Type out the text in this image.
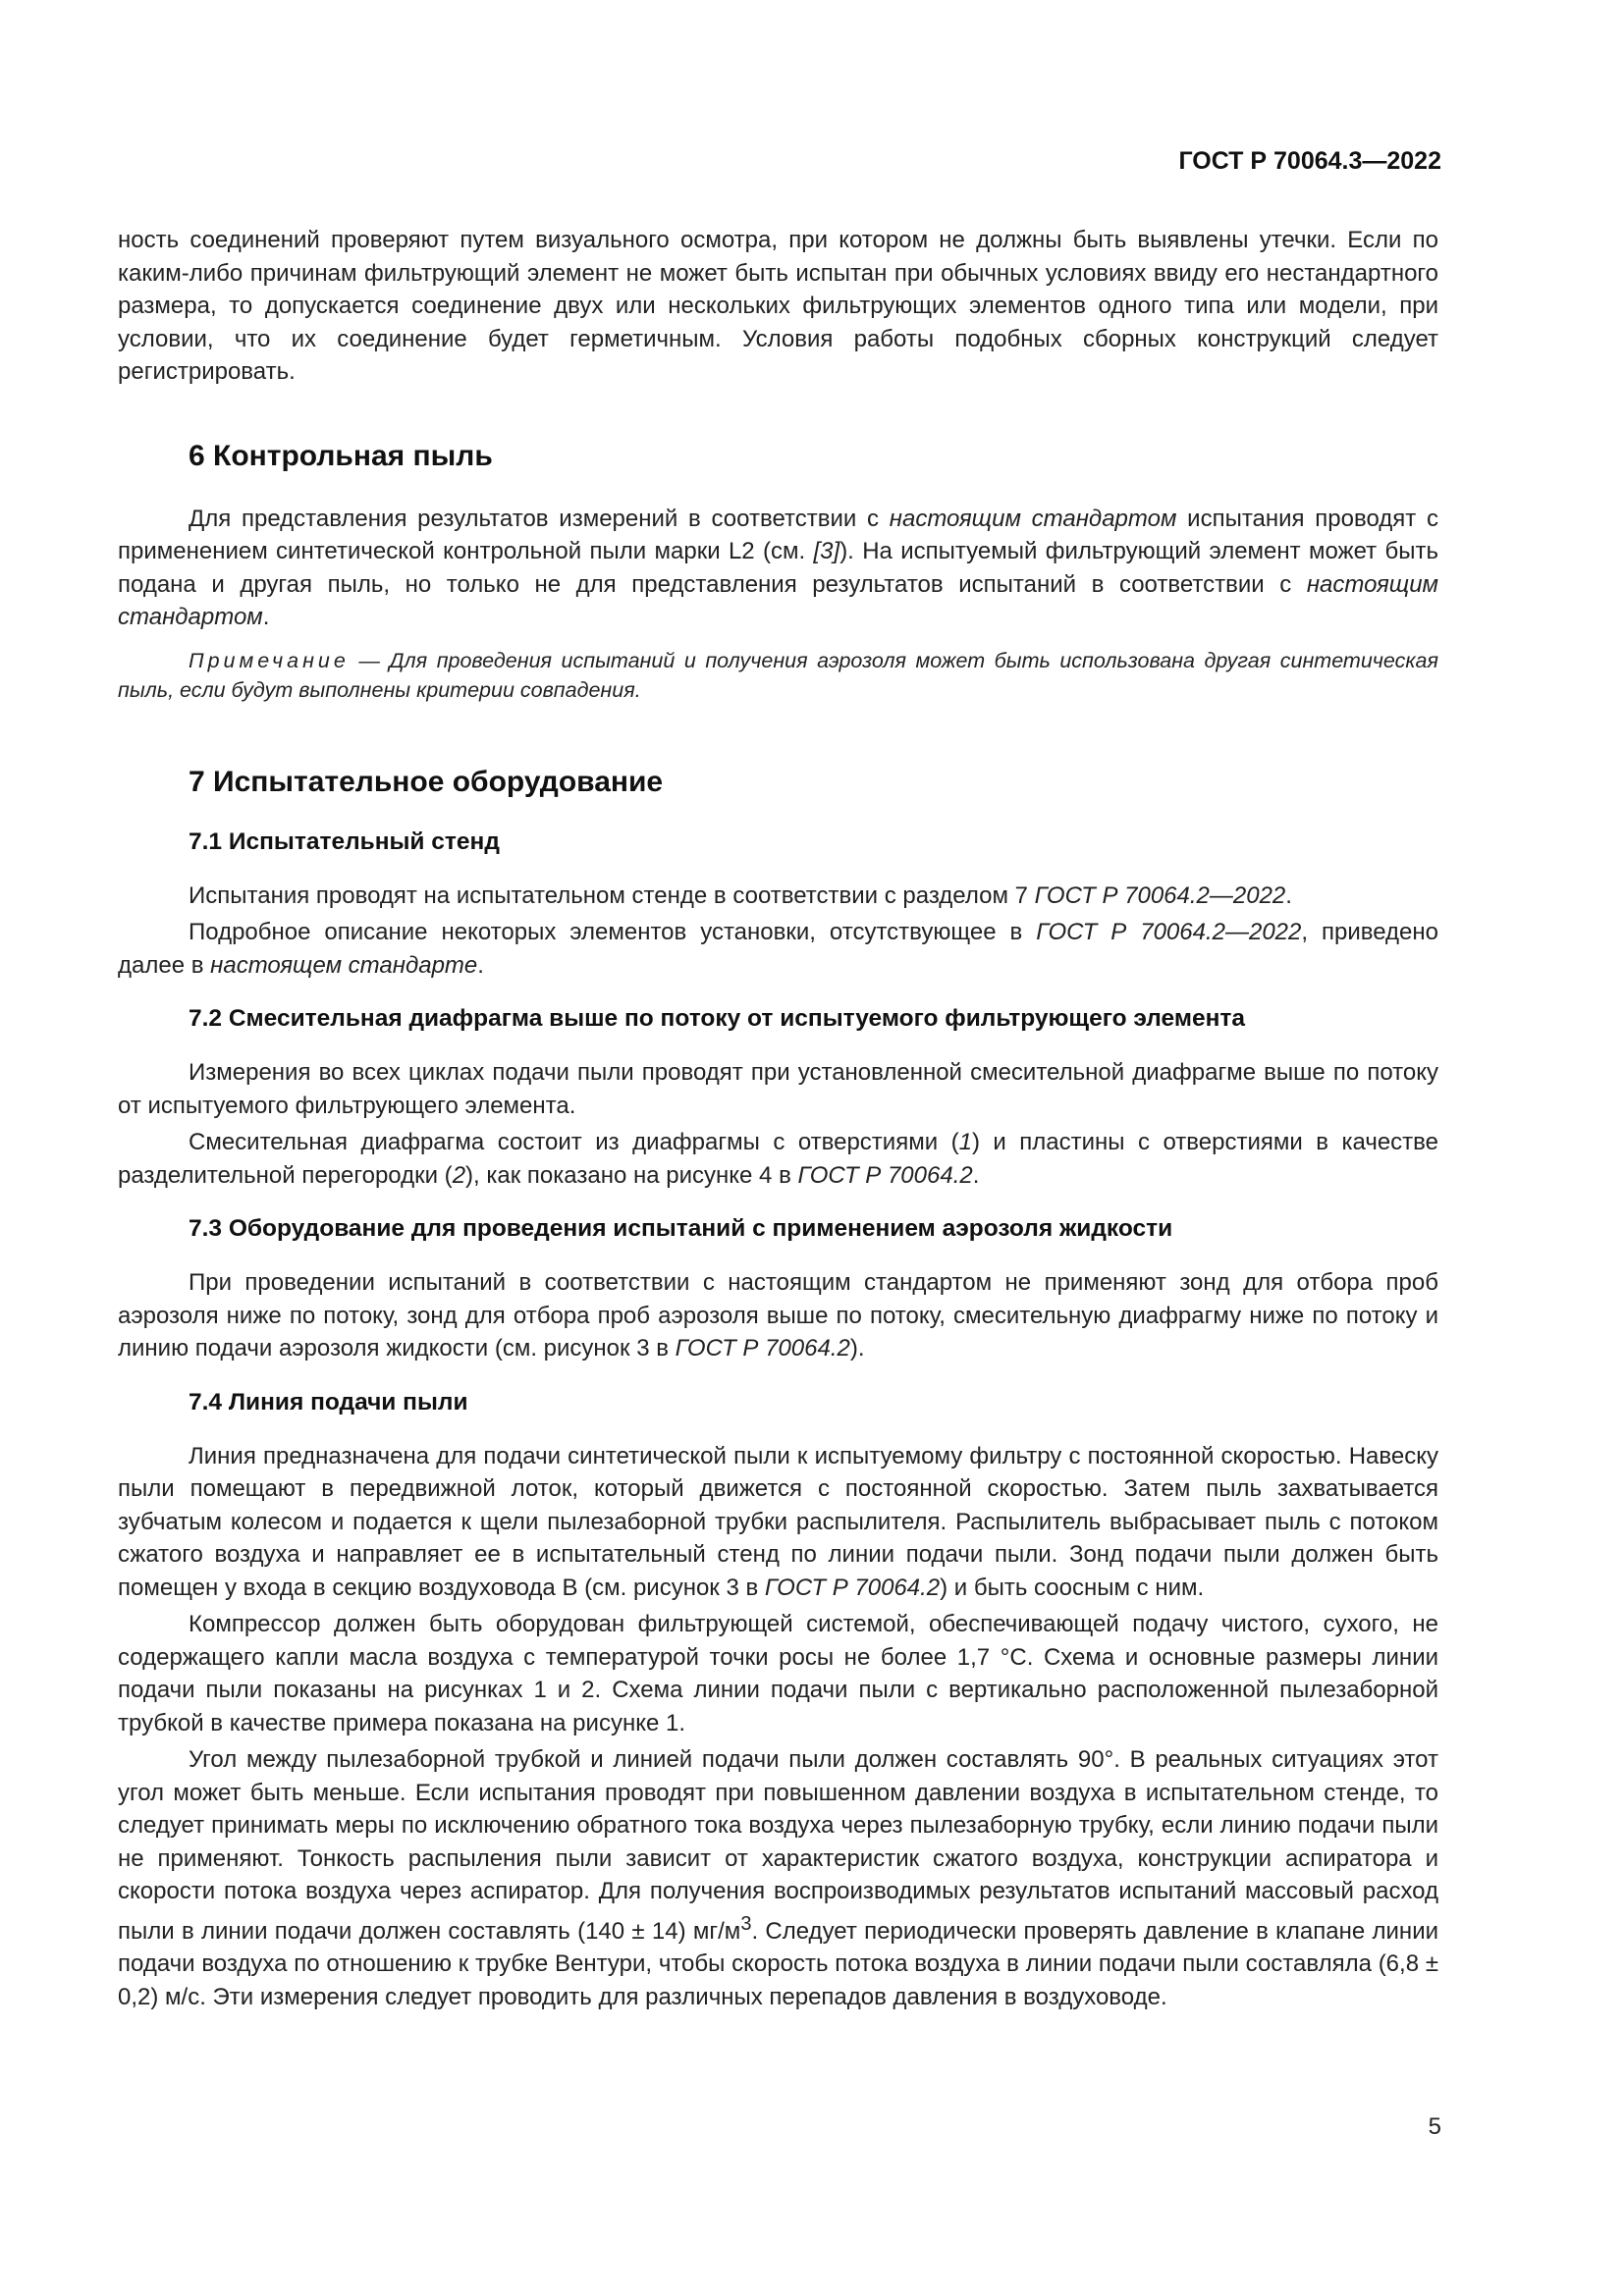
ГОСТ Р 70064.3—2022

ность соединений проверяют путем визуального осмотра, при котором не должны быть выявлены утечки. Если по каким-либо причинам фильтрующий элемент не может быть испытан при обычных условиях ввиду его нестандартного размера, то допускается соединение двух или нескольких фильтрующих элементов одного типа или модели, при условии, что их соединение будет герметичным. Условия работы подобных сборных конструкций следует регистрировать.

6 Контрольная пыль

Для представления результатов измерений в соответствии с настоящим стандартом испытания проводят с применением синтетической контрольной пыли марки L2 (см. [3]). На испытуемый фильтрующий элемент может быть подана и другая пыль, но только не для представления результатов испытаний в соответствии с настоящим стандартом.

Примечание — Для проведения испытаний и получения аэрозоля может быть использована другая синтетическая пыль, если будут выполнены критерии совпадения.

7 Испытательное оборудование
7.1 Испытательный стенд

Испытания проводят на испытательном стенде в соответствии с разделом 7 ГОСТ Р 70064.2—2022.

Подробное описание некоторых элементов установки, отсутствующее в ГОСТ Р 70064.2—2022, приведено далее в настоящем стандарте.

7.2 Смесительная диафрагма выше по потоку от испытуемого фильтрующего элемента

Измерения во всех циклах подачи пыли проводят при установленной смесительной диафрагме выше по потоку от испытуемого фильтрующего элемента.

Смесительная диафрагма состоит из диафрагмы с отверстиями (1) и пластины с отверстиями в качестве разделительной перегородки (2), как показано на рисунке 4 в ГОСТ Р 70064.2.

7.3 Оборудование для проведения испытаний с применением аэрозоля жидкости

При проведении испытаний в соответствии с настоящим стандартом не применяют зонд для отбора проб аэрозоля ниже по потоку, зонд для отбора проб аэрозоля выше по потоку, смесительную диафрагму ниже по потоку и линию подачи аэрозоля жидкости (см. рисунок 3 в ГОСТ Р 70064.2).

7.4 Линия подачи пыли

Линия предназначена для подачи синтетической пыли к испытуемому фильтру с постоянной скоростью. Навеску пыли помещают в передвижной лоток, который движется с постоянной скоростью. Затем пыль захватывается зубчатым колесом и подается к щели пылезаборной трубки распылителя. Распылитель выбрасывает пыль с потоком сжатого воздуха и направляет ее в испытательный стенд по линии подачи пыли. Зонд подачи пыли должен быть помещен у входа в секцию воздуховода В (см. рисунок 3 в ГОСТ Р 70064.2) и быть соосным с ним.

Компрессор должен быть оборудован фильтрующей системой, обеспечивающей подачу чистого, сухого, не содержащего капли масла воздуха с температурой точки росы не более 1,7 °С. Схема и основные размеры линии подачи пыли показаны на рисунках 1 и 2. Схема линии подачи пыли с вертикально расположенной пылезаборной трубкой в качестве примера показана на рисунке 1.

Угол между пылезаборной трубкой и линией подачи пыли должен составлять 90°. В реальных ситуациях этот угол может быть меньше. Если испытания проводят при повышенном давлении воздуха в испытательном стенде, то следует принимать меры по исключению обратного тока воздуха через пылезаборную трубку, если линию подачи пыли не применяют. Тонкость распыления пыли зависит от характеристик сжатого воздуха, конструкции аспиратора и скорости потока воздуха через аспиратор. Для получения воспроизводимых результатов испытаний массовый расход пыли в линии подачи должен составлять (140 ± 14) $мг/м^3$. Следует периодически проверять давление в клапане линии подачи воздуха по отношению к трубке Вентури, чтобы скорость потока воздуха в линии подачи пыли составляла (6,8 ± 0,2) м/с. Эти измерения следует проводить для различных перепадов давления в воздуховоде.

5
